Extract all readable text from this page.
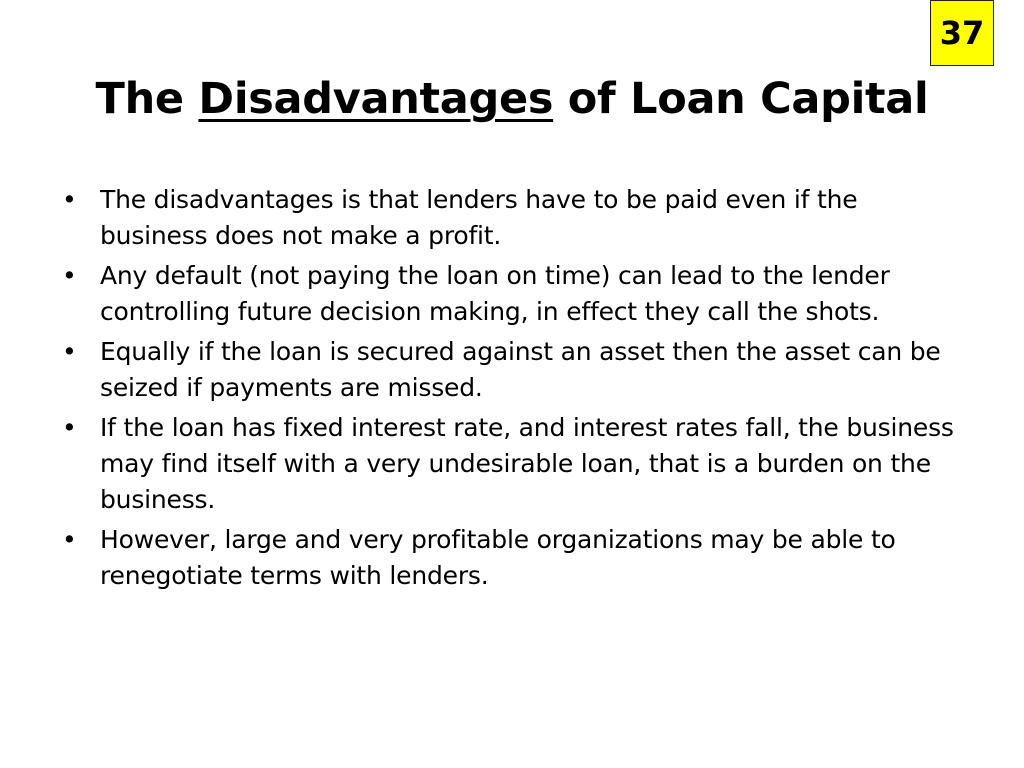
37
The Disadvantages of Loan Capital
• The disadvantages is that lenders have to be paid even if the business does not make a profit.
• Any default (not paying the loan on time) can lead to the lender controlling future decision making, in effect they call the shots.
• Equally if the loan is secured against an asset then the asset can be seized if payments are missed.
• If the loan has fixed interest rate, and interest rates fall, the business may find itself with a very undesirable loan, that is a burden on the business.
• However, large and very profitable organizations may be able to renegotiate terms with lenders.
